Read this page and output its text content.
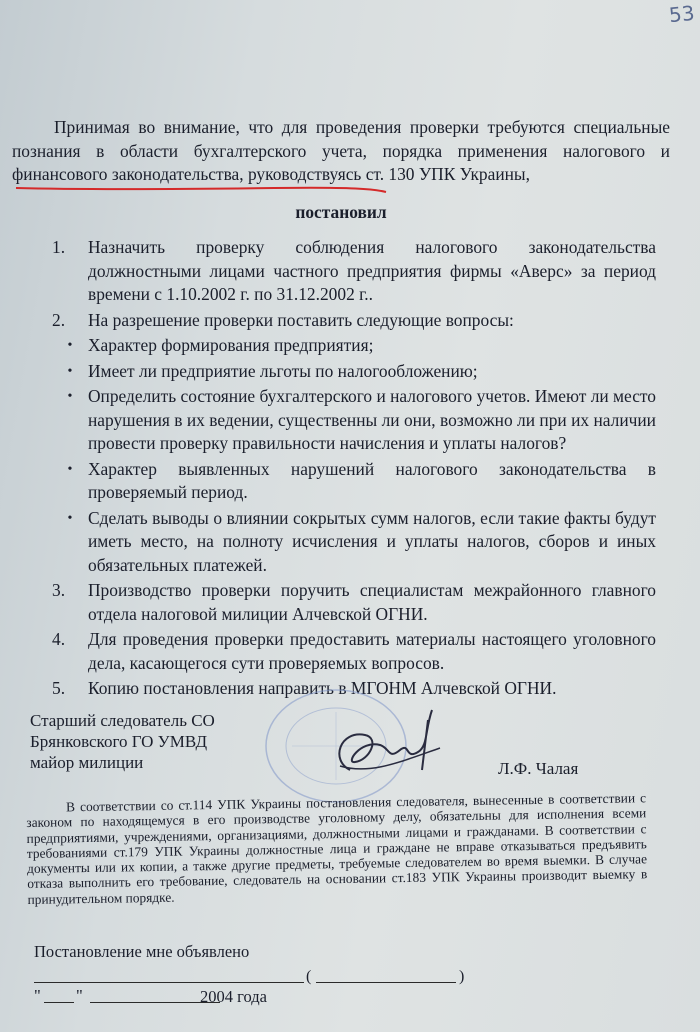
53

Принимая во внимание, что для проведения проверки требуются специальные познания в области бухгалтерского учета, порядка применения налогового и финансового законодательства, руководствуясь ст. 130 УПК Украины,

постановил
1.	Назначить проверку соблюдения налогового законодательства должностными лицами частного предприятия фирмы «Аверс» за период времени с 1.10.2002 г. по 31.12.2002 г..
2.	На разрешение проверки поставить следующие вопросы:
• Характер формирования предприятия;
• Имеет ли предприятие льготы по налогообложению;
• Определить состояние бухгалтерского и налогового учетов. Имеют ли место нарушения в их ведении, существенны ли они, возможно ли при их наличии провести проверку правильности начисления и уплаты налогов?
• Характер выявленных нарушений налогового законодательства в проверяемый период.
• Сделать выводы о влиянии сокрытых сумм налогов, если такие факты будут иметь место, на полноту исчисления и уплаты налогов, сборов и иных обязательных платежей.
3.	Производство проверки поручить специалистам межрайонного главного отдела налоговой милиции Алчевской ОГНИ.
4.	Для проведения проверки предоставить материалы настоящего уголовного дела, касающегося сути проверяемых вопросов.
5.	Копию постановления направить в МГОНМ Алчевской ОГНИ.
Старший следователь СО
Брянковского ГО УМВД
майор милиции	Л.Ф. Чалая

В соответствии со ст.114 УПК Украины постановления следователя, вынесенные в соответствии с законом по находящемуся в его производстве уголовному делу, обязательны для исполнения всеми предприятиями, учреждениями, организациями, должностными лицами и гражданами. В соответствии с требованиями ст.179 УПК Украины должностные лица и граждане не вправе отказываться предъявить документы или их копии, а также другие предметы, требуемые следователем во время выемки. В случае отказа выполнить его требование, следователь на основании ст.183 УПК Украины производит выемку в принудительном порядке.

Постановление мне объявлено
(	)
" "	2004 года
